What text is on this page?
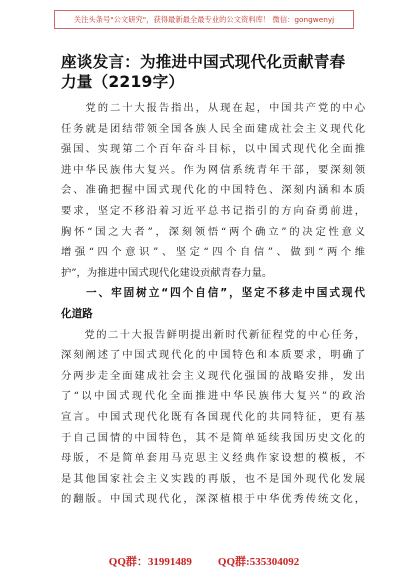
关注头条号"公文研究"，获得最新最全最专业的公文资料库！ 微信：gongwenyj
座谈发言：为推进中国式现代化贡献青春
力量（2219字）
　　党的二十大报告指出，从现在起，中国共产党的中心
任务就是团结带领全国各族人民全面建成社会主义现代化
强国、实现第二个百年奋斗目标，以中国式现代化全面推
进中华民族伟大复兴。作为网信系统青年干部，要深刻领
会、准确把握中国式现代化的中国特色、深刻内涵和本质
要求，坚定不移沿着习近平总书记指引的方向奋勇前进，
胸怀“国之大者”，深刻领悟“两个确立”的决定性意义
增强“四个意识”、坚定“四个自信”、做到“两个维
护”，为推进中国式现代化建设贡献青春力量。
　　一、牢固树立“四个自信”，坚定不移走中国式现代
化道路
　　党的二十大报告鲜明提出新时代新征程党的中心任务，
深刻阐述了中国式现代化的中国特色和本质要求，明确了
分两步走全面建成社会主义现代化强国的战略安排，发出
了“以中国式现代化全面推进中华民族伟大复兴”的政治
宣言。中国式现代化既有各国现代化的共同特征，更有基
于自己国情的中国特色，其不是简单延续我国历史文化的
母版，不是简单套用马克思主义经典作家设想的模板，不
是其他国家社会主义实践的再版，也不是国外现代化发展
的翻版。中国式现代化，深深植根于中华优秀传统文化，
QQ群：31991489 QQ群:535304092
